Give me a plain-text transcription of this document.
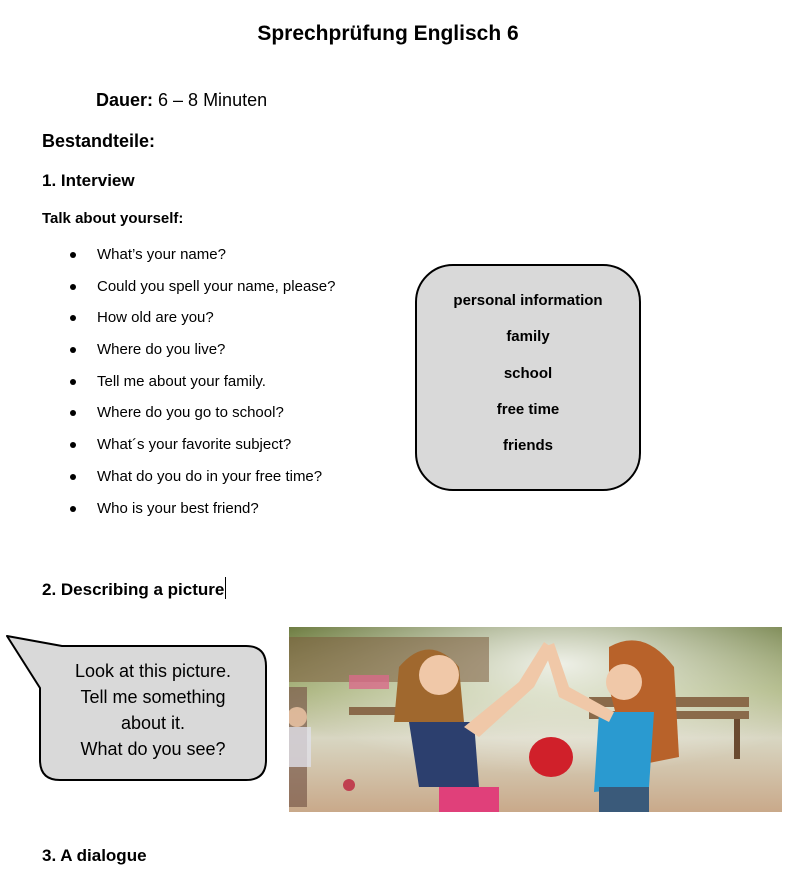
Sprechprüfung Englisch 6
Dauer: 6 – 8 Minuten
Bestandteile:
1. Interview
Talk about yourself:
What’s your name?
Could you spell your name, please?
How old are you?
Where do you live?
Tell me about your family.
Where do you go to school?
What´s your favorite subject?
What do you do in your free time?
Who is your best friend?
personal information
family
school
free time
friends
2. Describing a picture
Look at this picture.
Tell me something
about it.
What do you see?
3. A dialogue
